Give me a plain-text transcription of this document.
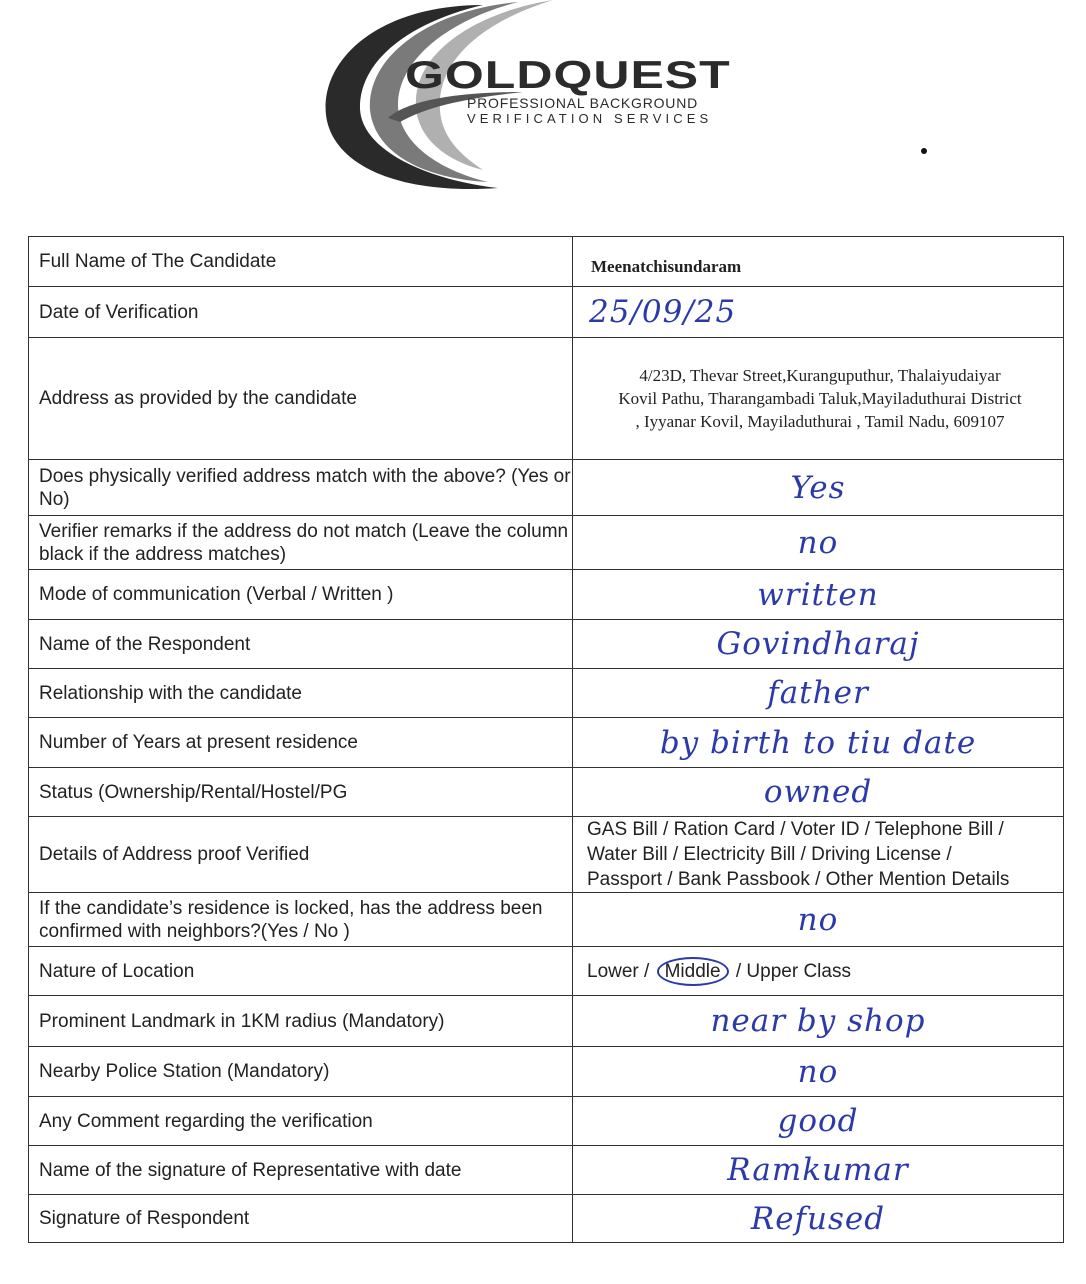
GOLDQUEST
PROFESSIONAL BACKGROUND
VERIFICATION SERVICES
Full Name of The Candidate	Meenatchisundaram

Date of Verification	25/09/25

Address as provided by the candidate	4/23D, Thevar Street,Kuranguputhur, Thalaiyudaiyar
Kovil Pathu, Tharangambadi Taluk,Mayiladuthurai District
, Iyyanar Kovil, Mayiladuthurai , Tamil Nadu, 609107

Does physically verified address match with the above? (Yes or No)	Yes

Verifier remarks if the address do not match (Leave the column black if the address matches)	no

Mode of communication (Verbal / Written )	written

Name of the Respondent	Govindharaj

Relationship with the candidate	father

Number of Years at present residence	by birth to tiu date

Status (Ownership/Rental/Hostel/PG	owned

Details of Address proof Verified	GAS Bill / Ration Card / Voter ID / Telephone Bill /
Water Bill / Electricity Bill / Driving License /
Passport / Bank Passbook / Other Mention Details

If the candidate’s residence is locked, has the address been confirmed with neighbors?(Yes / No )	no

Nature of Location	Lower / Middle / Upper Class

Prominent Landmark in 1KM radius (Mandatory)	near by shop

Nearby Police Station (Mandatory)	no

Any Comment regarding the verification	good

Name of the signature of Representative with date	Ramkumar

Signature of Respondent	Refused
